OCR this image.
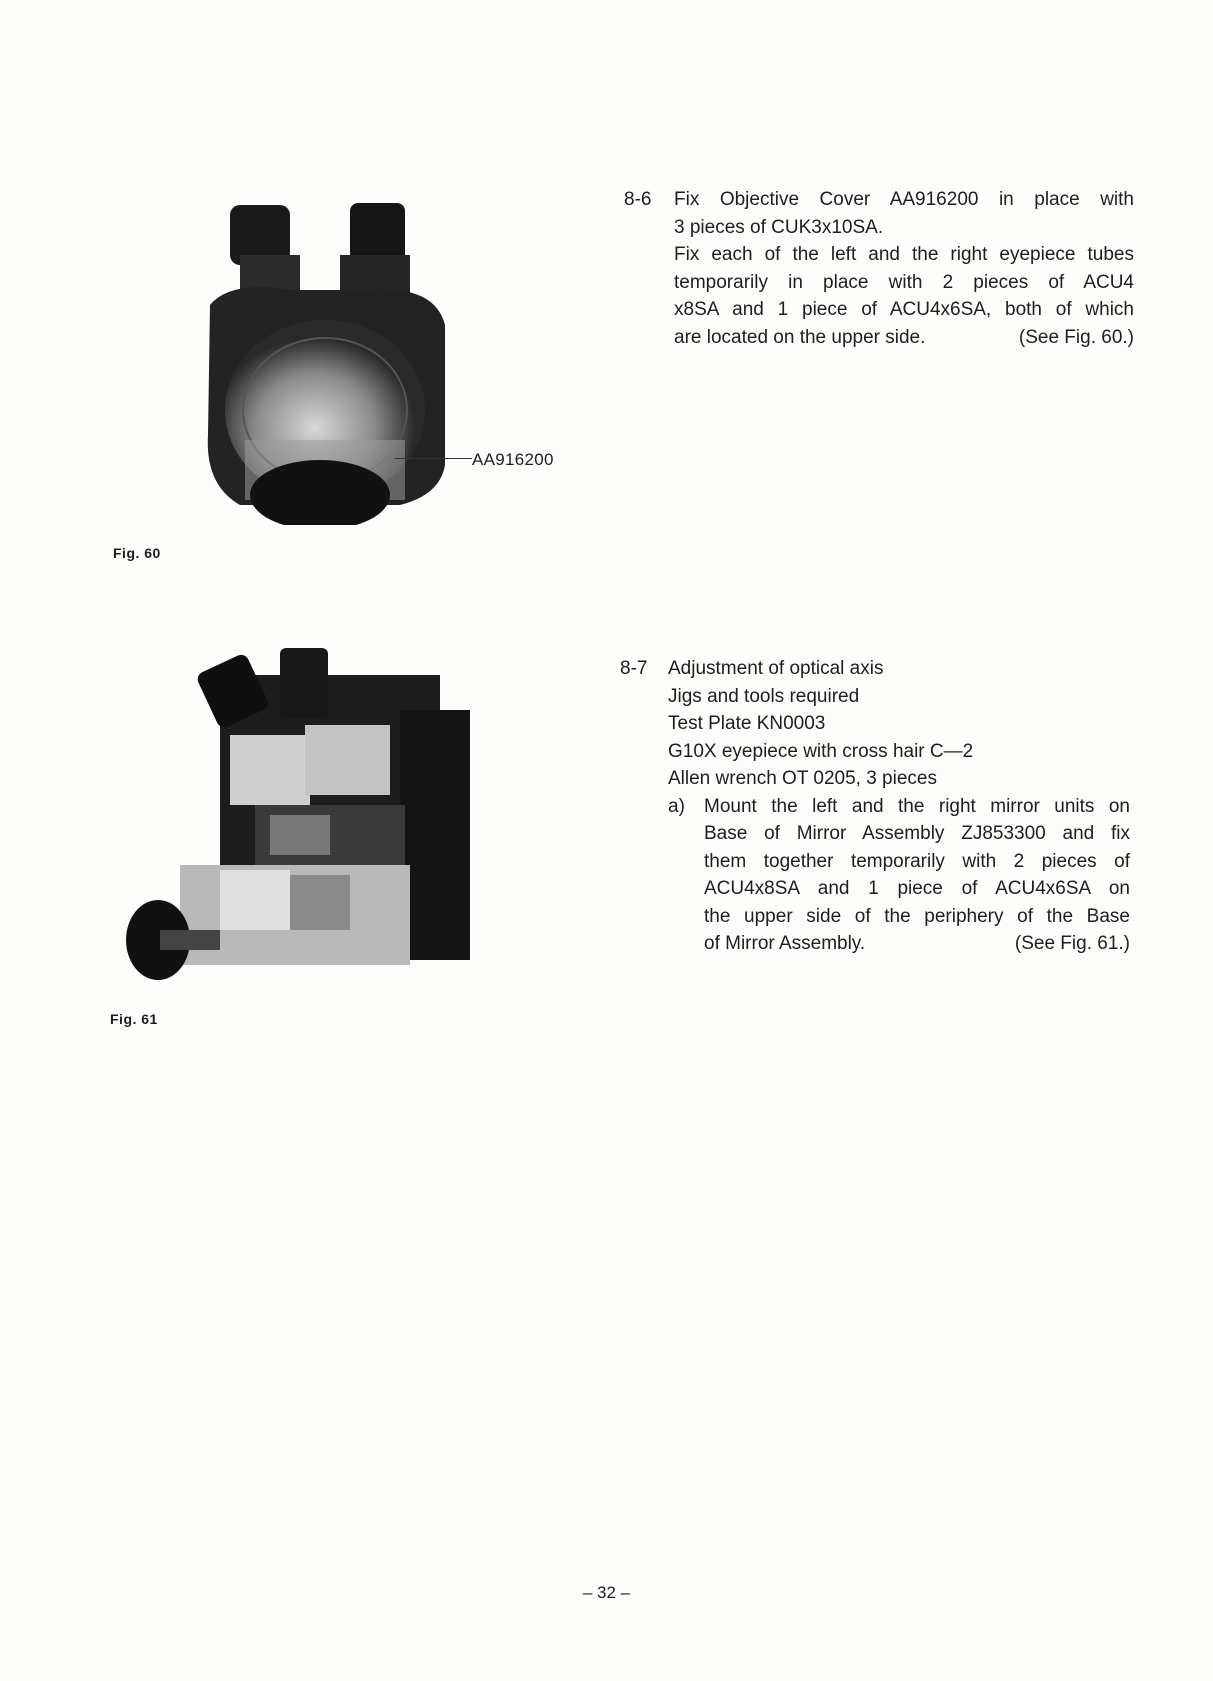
AA916200
Fig. 60
Fig. 61
8-6 Fix Objective Cover AA916200 in place with
3 pieces of CUK3x10SA.
Fix each of the left and the right eyepiece tubes
temporarily in place with 2 pieces of ACU4
x8SA and 1 piece of ACU4x6SA, both of which
are located on the upper side.	(See Fig. 60.)
8-7 Adjustment of optical axis
Jigs and tools required
Test Plate KN0003
G10X eyepiece with cross hair C—2
Allen wrench OT 0205, 3 pieces
a)	Mount the left and the right mirror units on
Base of Mirror Assembly ZJ853300 and fix
them together temporarily with 2 pieces of
ACU4x8SA and 1 piece of ACU4x6SA on
the upper side of the periphery of the Base
of Mirror Assembly.	(See Fig. 61.)
– 32 –
